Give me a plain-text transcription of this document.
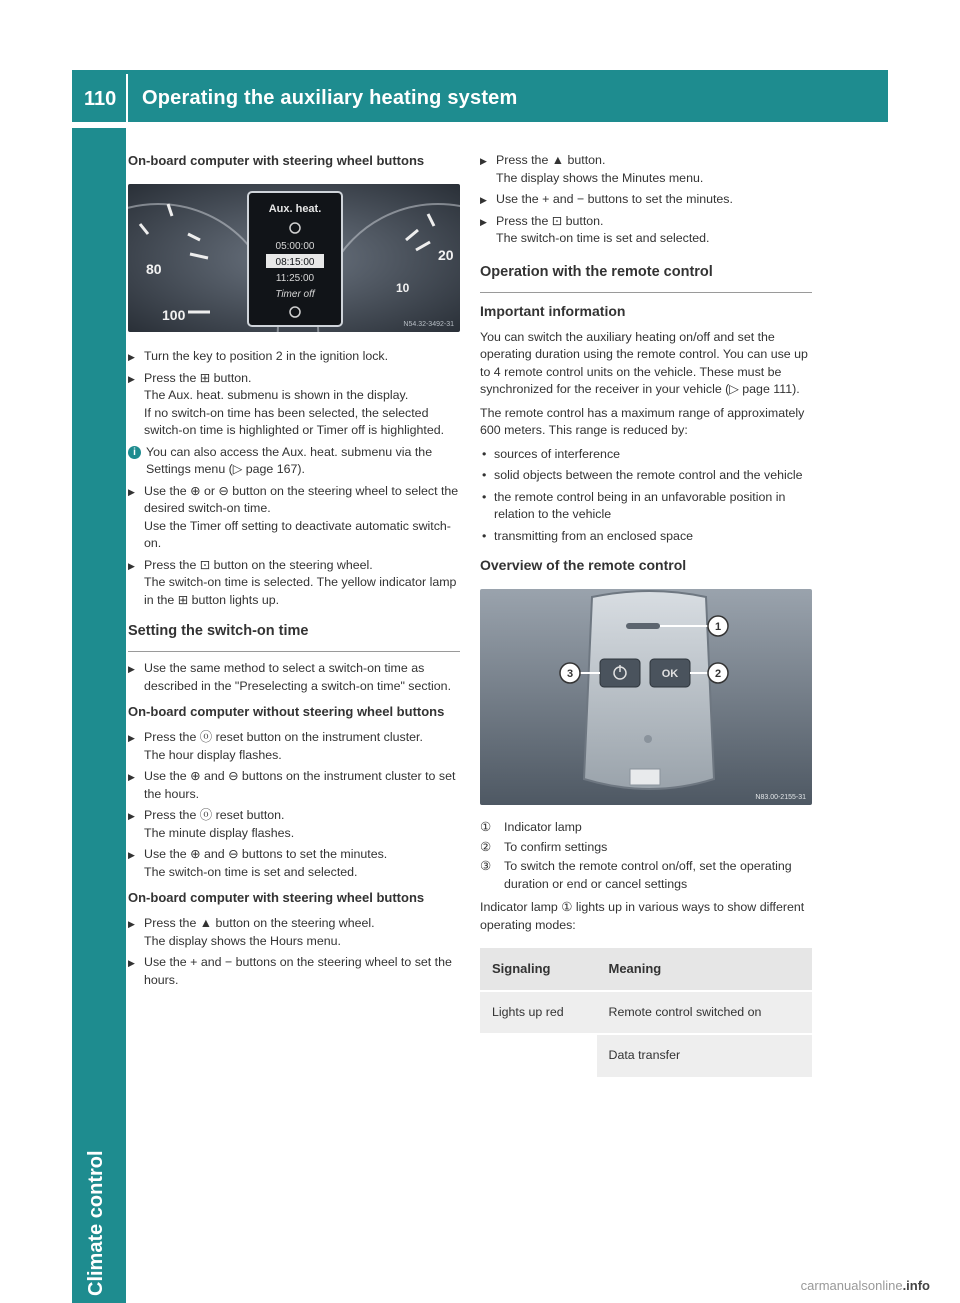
110 Operating the auxiliary heating system
Climate control
On-board computer with steering wheel buttons
80
100
20
10
Aux. heat.
05:00:00
08:15:00
11:25:00
Timer off
N54.32-3492-31
▶ Turn the key to position 2 in the ignition lock.
▶ Press the ⊞ button.
The Aux. heat. submenu is shown in the display.
If no switch-on time has been selected, the selected switch-on time is highlighted or Timer off is highlighted.
i You can also access the Aux. heat. submenu via the Settings menu (▷ page 167).
▶ Use the ⊕ or ⊖ button on the steering wheel to select the desired switch-on time.
Use the Timer off setting to deactivate automatic switch-on.
▶ Press the ⊡ button on the steering wheel.
The switch-on time is selected. The yellow indicator lamp in the ⊞ button lights up.
Setting the switch-on time
▶ Use the same method to select a switch-on time as described in the "Preselecting a switch-on time" section.
On-board computer without steering wheel buttons
▶ Press the ⓞ reset button on the instrument cluster.
The hour display flashes.
▶ Use the ⊕ and ⊖ buttons on the instrument cluster to set the hours.
▶ Press the ⓞ reset button.
The minute display flashes.
▶ Use the ⊕ and ⊖ buttons to set the minutes.
The switch-on time is set and selected.
On-board computer with steering wheel buttons
▶ Press the ▲ button on the steering wheel.
The display shows the Hours menu.
▶ Use the + and − buttons on the steering wheel to set the hours.
▶ Press the ▲ button.
The display shows the Minutes menu.
▶ Use the + and − buttons to set the minutes.
▶ Press the ⊡ button.
The switch-on time is set and selected.
Operation with the remote control
Important information
You can switch the auxiliary heating on/off and set the operating duration using the remote control. You can use up to 4 remote control units on the vehicle. These must be synchronized for the receiver in your vehicle (▷ page 111).
The remote control has a maximum range of approximately 600 meters. This range is reduced by:
• sources of interference
• solid objects between the remote control and the vehicle
• the remote control being in an unfavorable position in relation to the vehicle
• transmitting from an enclosed space
Overview of the remote control
1
OK	2
3
N83.00-2155-31
① Indicator lamp
② To confirm settings
③ To switch the remote control on/off, set the operating duration or end or cancel settings
Indicator lamp ① lights up in various ways to show different operating modes:
Signaling	Meaning
Lights up red	Remote control switched on
	Data transfer
carmanualsonline.info
